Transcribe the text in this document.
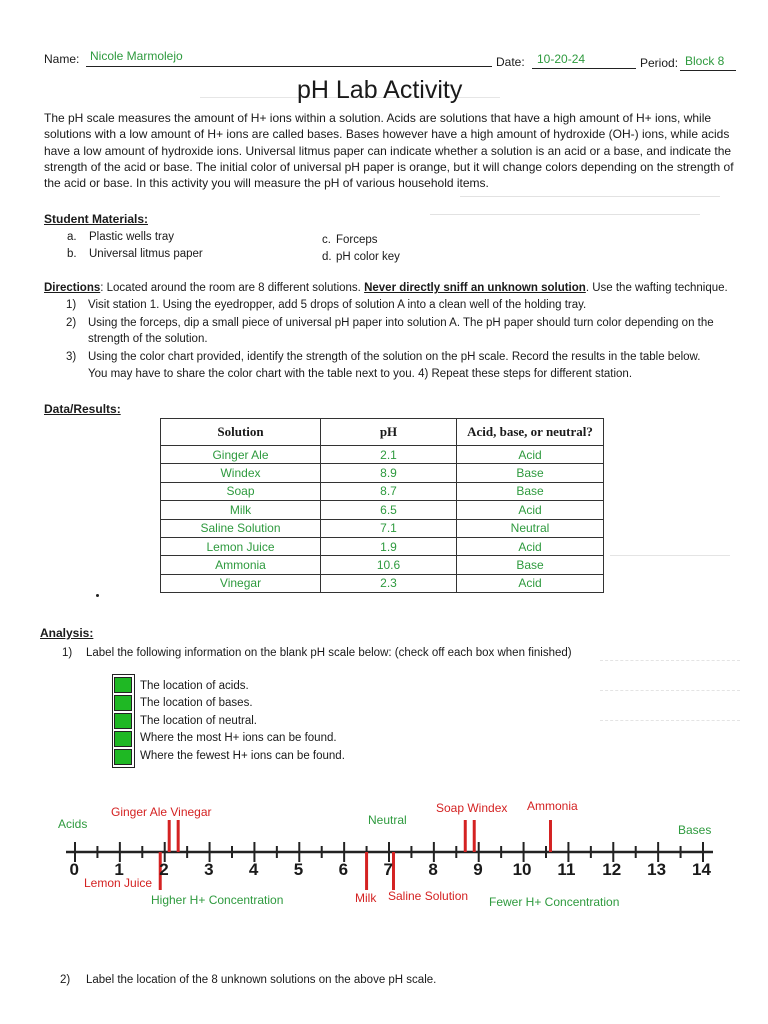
Name: Nicole Marmolejo	Date: 10-20-24	Period: Block 8
pH Lab Activity

The pH scale measures the amount of H+ ions within a solution. Acids are solutions that have a high amount of H+ ions, while solutions with a low amount of H+ ions are called bases. Bases however have a high amount of hydroxide (OH-) ions, while acids have a low amount of hydroxide ions. Universal litmus paper can indicate whether a solution is an acid or a base, and indicate the strength of the acid or base. The initial color of universal pH paper is orange, but it will change colors depending on the strength of the acid or base. In this activity you will measure the pH of various household items.

Student Materials:
a. Plastic wells tray
b. Universal litmus paper
c. Forceps
d. pH color key
Directions: Located around the room are 8 different solutions. Never directly sniff an unknown solution. Use the wafting technique.
1) Visit station 1. Using the eyedropper, add 5 drops of solution A into a clean well of the holding tray.
2) Using the forceps, dip a small piece of universal pH paper into solution A. The pH paper should turn color depending on the
strength of the solution.
3) Using the color chart provided, identify the strength of the solution on the pH scale. Record the results in the table below.
You may have to share the color chart with the table next to you. 4) Repeat these steps for different station.
Data/Results:
Solution	pH	Acid, base, or neutral?
Ginger Ale	2.1	Acid
Windex	8.9	Base
Soap	8.7	Base
Milk	6.5	Acid
Saline Solution	7.1	Neutral
Lemon Juice	1.9	Acid
Ammonia	10.6	Base
Vinegar	2.3	Acid
Analysis:
1) Label the following information on the blank pH scale below: (check off each box when finished)
The location of acids.
The location of bases.
The location of neutral.
Where the most H+ ions can be found.
Where the fewest H+ ions can be found.
0 1 2 3 4 5 6 7 8 9 10 11 12 13 14
Acids	Bases
Neutral
Higher H+ Concentration	Fewer H+ Concentration
Ginger Ale Vinegar	Soap Windex Ammonia
Lemon Juice
Milk Saline Solution
2) Label the location of the 8 unknown solutions on the above pH scale.
